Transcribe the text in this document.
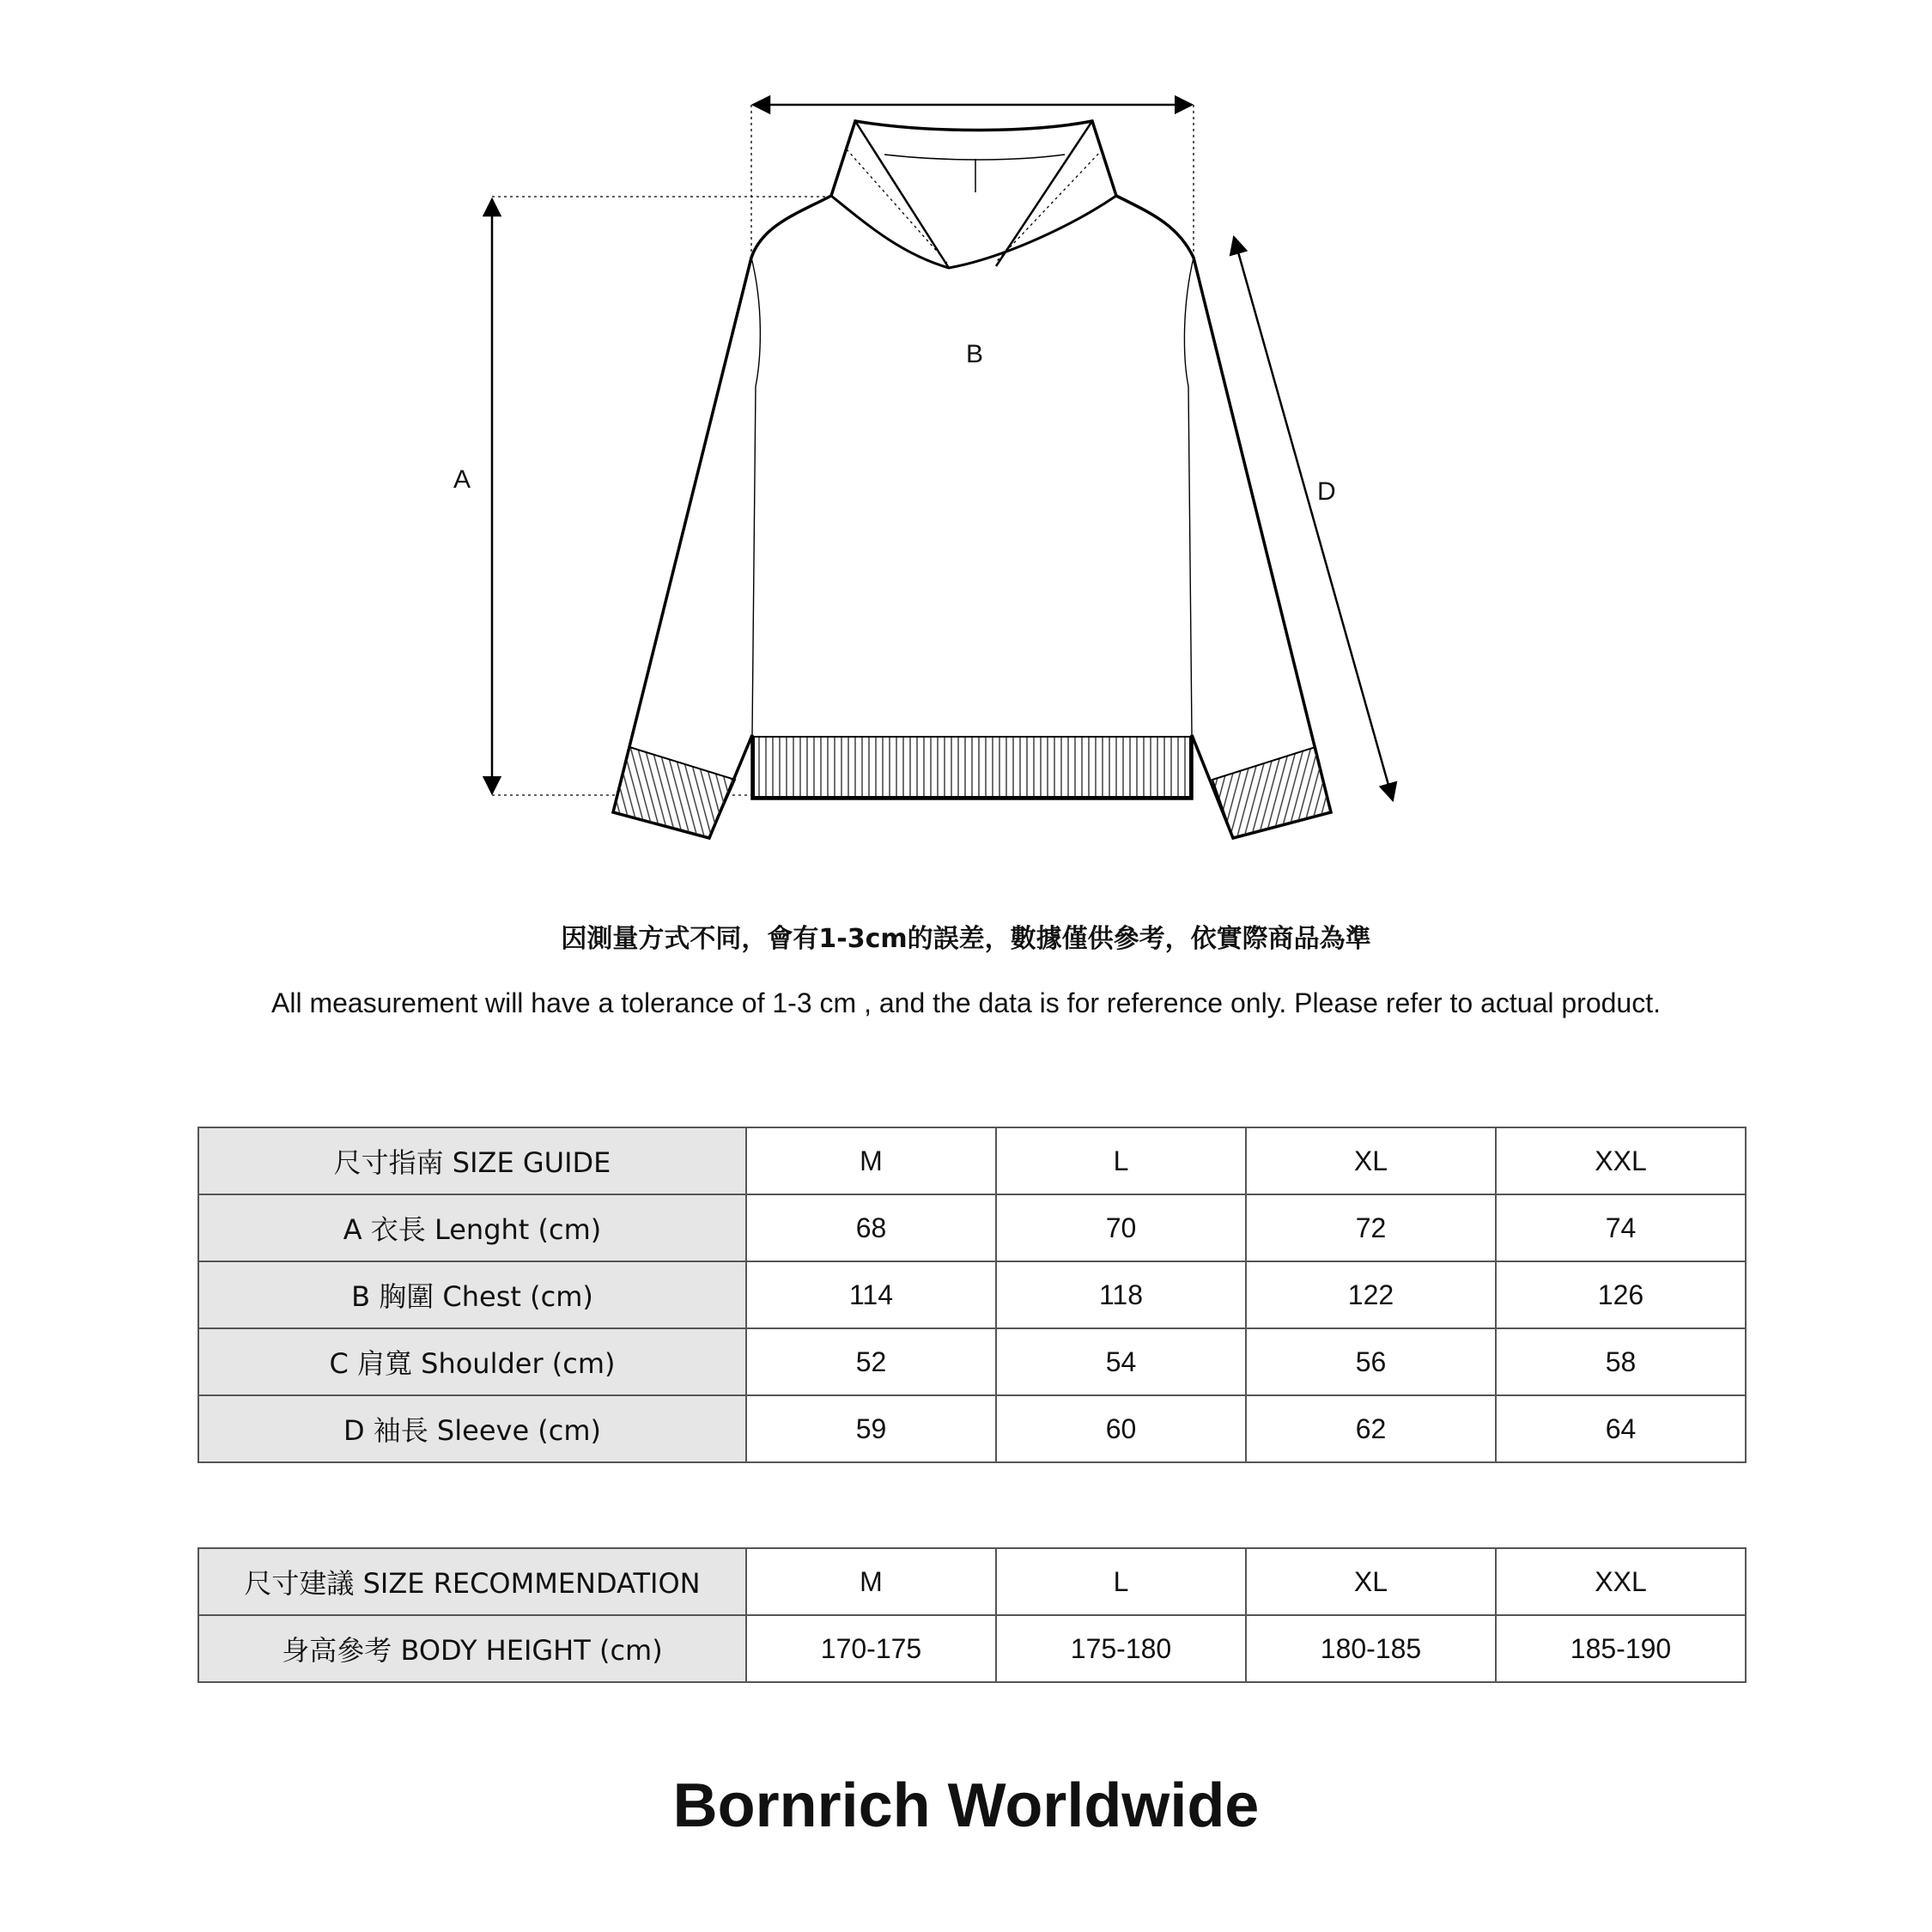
A
B
D
因測量方式不同，會有1-3cm的誤差，數據僅供參考，依實際商品為準
All measurement will have a tolerance of 1-3 cm , and the data is for reference only. Please refer to actual product.
尺寸指南 SIZE GUIDE	M	L	XL	XXL
A 衣長 Lenght (cm)	68	70	72	74
B 胸圍 Chest (cm)	114	118	122	126
C 肩寬 Shoulder (cm)	52	54	56	58
D 袖長 Sleeve (cm)	59	60	62	64
尺寸建議 SIZE RECOMMENDATION	M	L	XL	XXL
身高參考 BODY HEIGHT (cm)	170-175	175-180	180-185	185-190
Bornrich Worldwide
